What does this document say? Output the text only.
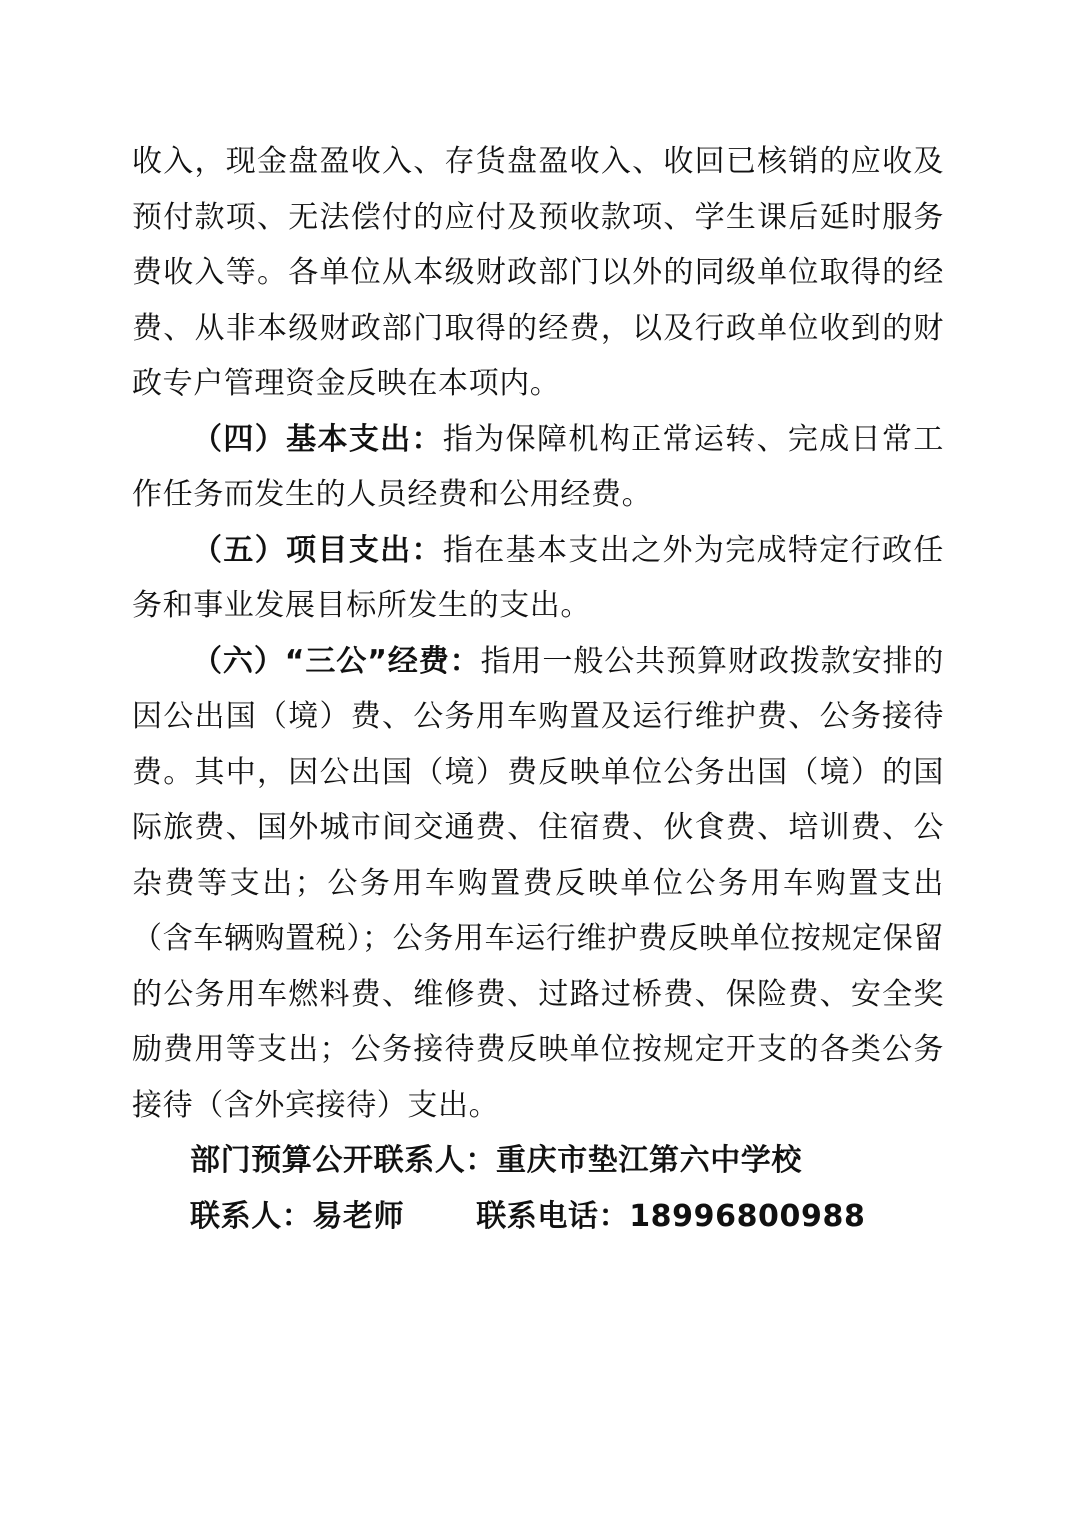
收入，现金盘盈收入、存货盘盈收入、收回已核销的应收及预付款项、无法偿付的应付及预收款项、学生课后延时服务费收入等。各单位从本级财政部门以外的同级单位取得的经费、从非本级财政部门取得的经费，以及行政单位收到的财政专户管理资金反映在本项内。

（四）基本支出：指为保障机构正常运转、完成日常工作任务而发生的人员经费和公用经费。

（五）项目支出：指在基本支出之外为完成特定行政任务和事业发展目标所发生的支出。

（六）“三公”经费：指用一般公共预算财政拨款安排的因公出国（境）费、公务用车购置及运行维护费、公务接待费。其中，因公出国（境）费反映单位公务出国（境）的国际旅费、国外城市间交通费、住宿费、伙食费、培训费、公杂费等支出；公务用车购置费反映单位公务用车购置支出（含车辆购置税）；公务用车运行维护费反映单位按规定保留的公务用车燃料费、维修费、过路过桥费、保险费、安全奖励费用等支出；公务接待费反映单位按规定开支的各类公务接待（含外宾接待）支出。

部门预算公开联系人：重庆市垫江第六中学校

联系人：易老师 联系电话：18996800988
